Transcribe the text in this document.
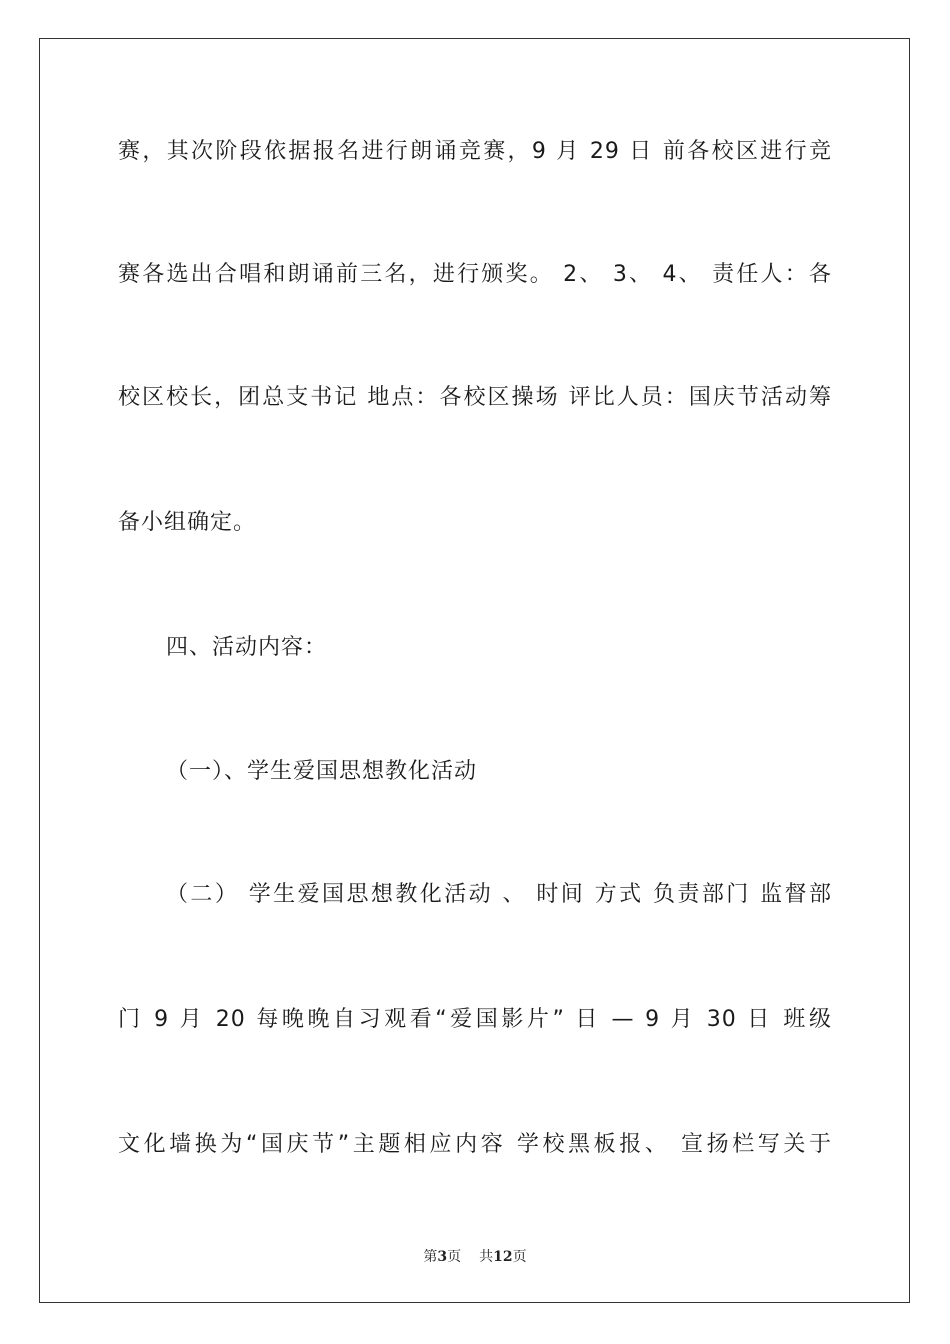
赛，其次阶段依据报名进行朗诵竞赛，9 月 29 日 前各校区进行竞
赛各选出合唱和朗诵前三名，进行颁奖。 2、 3、 4、 责任人：各
校区校长，团总支书记 地点：各校区操场 评比人员：国庆节活动筹
备小组确定。
四、活动内容：
（一）、学生爱国思想教化活动
（二） 学生爱国思想教化活动 、 时间 方式 负责部门 监督部
门 9 月 20 每晚晚自习观看“爱国影片” 日 — 9 月 30 日 班级
文化墙换为“国庆节”主题相应内容 学校黑板报、 宣扬栏写关于
第3页 共12页
